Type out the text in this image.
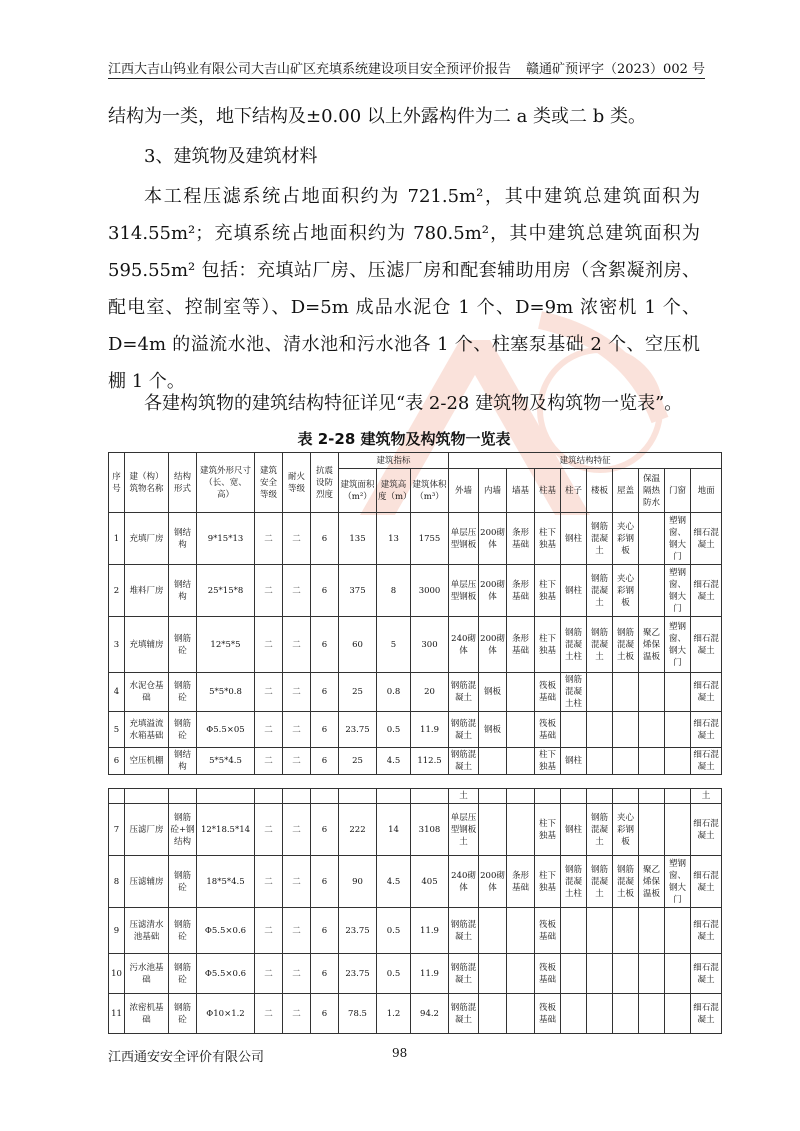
江西大吉山钨业有限公司大吉山矿区充填系统建设项目安全预评价报告 赣通矿预评字（2023）002 号
结构为一类，地下结构及±0.00 以上外露构件为二 a 类或二 b 类。
3、建筑物及建筑材料
本工程压滤系统占地面积约为 721.5m²，其中建筑总建筑面积为 314.55m²；充填系统占地面积约为 780.5m²，其中建筑总建筑面积为 595.55m² 包括：充填站厂房、压滤厂房和配套辅助用房（含絮凝剂房、配电室、控制室等）、D=5m 成品水泥仓 1 个、D=9m 浓密机 1 个、D=4m 的溢流水池、清水池和污水池各 1 个、柱塞泵基础 2 个、空压机棚 1 个。
各建构筑物的建筑结构特征详见“表 2-28 建筑物及构筑物一览表”。
表 2-28 建筑物及构筑物一览表
序号	建（构）筑物名称	结构形式	建筑外形尺寸（长、宽、高）	建筑安全等级	耐火等级	抗震设防烈度	建筑指标			建筑结构特征									
							建筑面积（m²）	建筑高度（m）	建筑体积（m³）	外墙	内墙	墙基	柱基	柱子	楼板	屋盖	保温隔热防水	门窗	地面
1	充填厂房	钢结构	9*15*13	二	二	6	135	13	1755	单层压型钢板	200砌体	条形基础	柱下独基	钢柱	钢筋混凝土	夹心彩钢板		塑钢窗、钢大门	细石混凝土
2	堆料厂房	钢结构	25*15*8	二	二	6	375	8	3000	单层压型钢板	200砌体	条形基础	柱下独基	钢柱	钢筋混凝土	夹心彩钢板		塑钢窗、钢大门	细石混凝土
3	充填辅房	钢筋砼	12*5*5	二	二	6	60	5	300	240砌体	200砌体	条形基础	柱下独基	钢筋混凝土柱	钢筋混凝土	钢筋混凝土板	聚乙烯保温板	塑钢窗、钢大门	细石混凝土
4	水泥仓基础	钢筋砼	5*5*0.8	二	二	6	25	0.8	20	钢筋混凝土	钢板		筏板基础	钢筋混凝土柱					细石混凝土
5	充填溢流水箱基础	钢筋砼	Φ5.5×05	二	二	6	23.75	0.5	11.9	钢筋混凝土	钢板		筏板基础						细石混凝土
6	空压机棚	钢结构	5*5*4.5	二	二	6	25	4.5	112.5	钢筋混凝土			柱下独基	钢柱					细石混凝土
										土									土
7	压滤厂房	钢筋砼+钢结构	12*18.5*14	二	二	6	222	14	3108	单层压型钢板土			柱下独基	钢柱	钢筋混凝土	夹心彩钢板			细石混凝土
8	压滤辅房	钢筋砼	18*5*4.5	二	二	6	90	4.5	405	240砌体	200砌体	条形基础	柱下独基	钢筋混凝土柱	钢筋混凝土	钢筋混凝土板	聚乙烯保温板	塑钢窗、钢大门	细石混凝土
9	压滤清水池基础	钢筋砼	Φ5.5×0.6	二	二	6	23.75	0.5	11.9	钢筋混凝土			筏板基础						细石混凝土
10	污水池基础	钢筋砼	Φ5.5×0.6	二	二	6	23.75	0.5	11.9	钢筋混凝土			筏板基础						细石混凝土
11	浓密机基础	钢筋砼	Φ10×1.2	二	二	6	78.5	1.2	94.2	钢筋混凝土			筏板基础						细石混凝土
江西通安安全评价有限公司	98
